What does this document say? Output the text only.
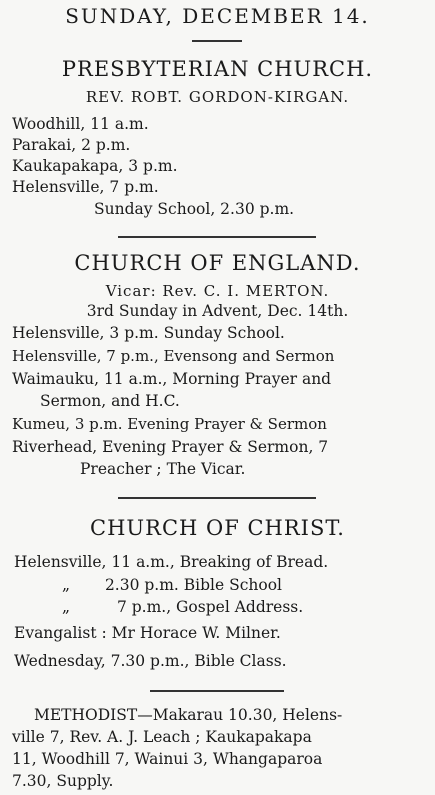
SUNDAY, DECEMBER 14.
PRESBYTERIAN CHURCH.
REV. ROBT. GORDON-KIRGAN.
Woodhill, 11 a.m.
Parakai, 2 p.m.
Kaukapakapa, 3 p.m.
Helensville, 7 p.m.
Sunday School, 2.30 p.m.
CHURCH OF ENGLAND.
Vicar: Rev. C. I. MERTON.
3rd Sunday in Advent, Dec. 14th.
Helensville, 3 p.m. Sunday School.
Helensville, 7 p.m., Evensong and Sermon
Waimauku, 11 a.m., Morning Prayer and
Sermon, and H.C.
Kumeu, 3 p.m. Evening Prayer & Sermon
Riverhead, Evening Prayer & Sermon, 7
Preacher ; The Vicar.
CHURCH OF CHRIST.
Helensville, 11 a.m., Breaking of Bread.
„ 2.30 p.m. Bible School
„	7 p.m., Gospel Address.
Evangalist : Mr Horace W. Milner.
Wednesday, 7.30 p.m., Bible Class.
METHODIST—Makarau 10.30, Helens-
ville 7, Rev. A. J. Leach ; Kaukapakapa
11, Woodhill 7, Wainui 3, Whangaparoa
7.30, Supply.
